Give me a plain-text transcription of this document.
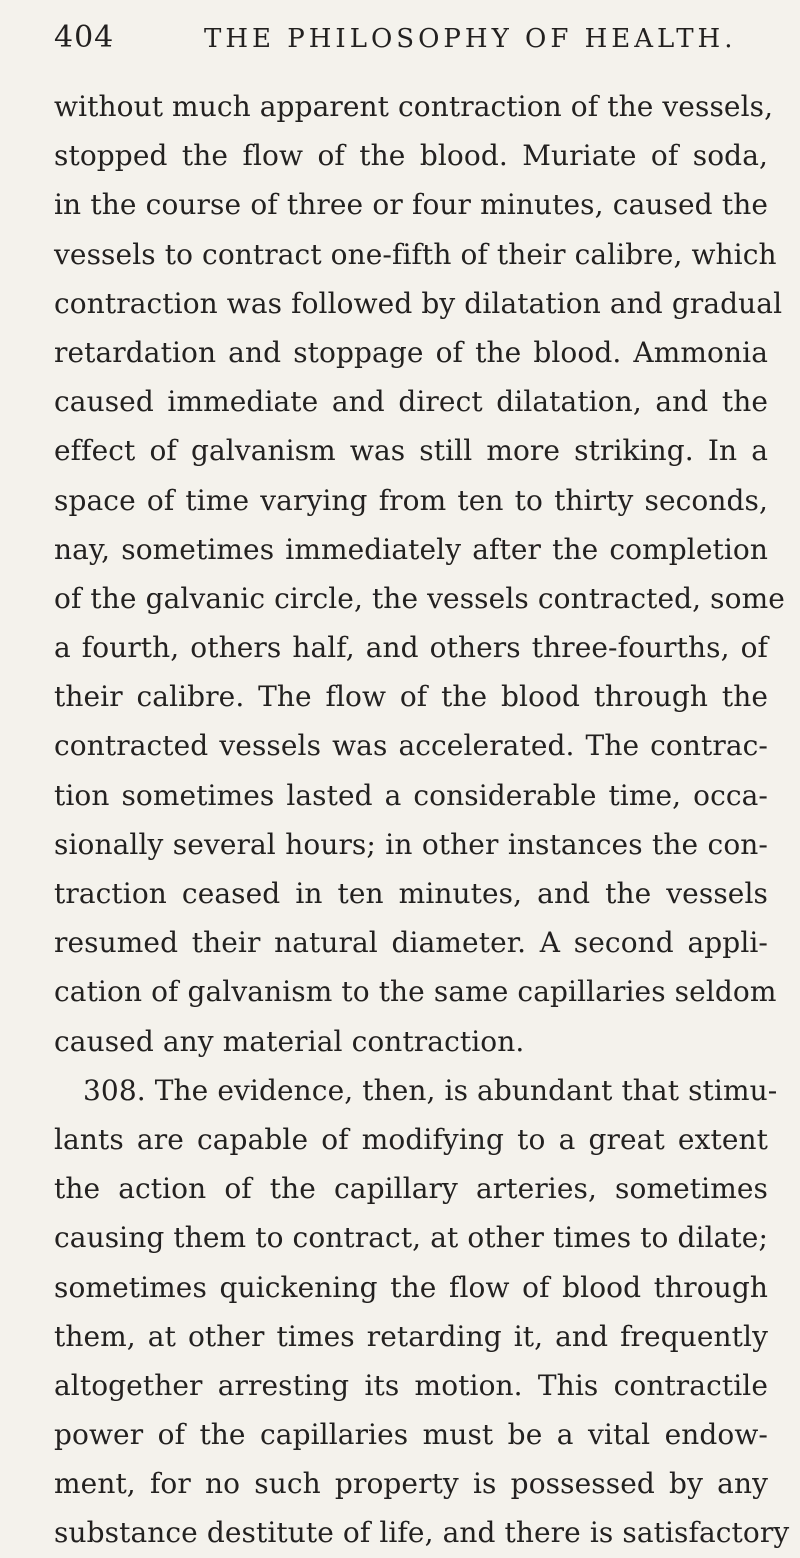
404	THE PHILOSOPHY OF HEALTH.
without much apparent contraction of the vessels,
stopped the flow of the blood. Muriate of soda,
in the course of three or four minutes, caused the
vessels to contract one-fifth of their calibre, which
contraction was followed by dilatation and gradual
retardation and stoppage of the blood. Ammonia
caused immediate and direct dilatation, and the
effect of galvanism was still more striking. In a
space of time varying from ten to thirty seconds,
nay, sometimes immediately after the completion
of the galvanic circle, the vessels contracted, some
a fourth, others half, and others three-fourths, of
their calibre. The flow of the blood through the
contracted vessels was accelerated. The contrac-
tion sometimes lasted a considerable time, occa-
sionally several hours; in other instances the con-
traction ceased in ten minutes, and the vessels
resumed their natural diameter. A second appli-
cation of galvanism to the same capillaries seldom
caused any material contraction.
308. The evidence, then, is abundant that stimu-
lants are capable of modifying to a great extent
the action of the capillary arteries, sometimes
causing them to contract, at other times to dilate;
sometimes quickening the flow of blood through
them, at other times retarding it, and frequently
altogether arresting its motion. This contractile
power of the capillaries must be a vital endow-
ment, for no such property is possessed by any
substance destitute of life, and there is satisfactory
